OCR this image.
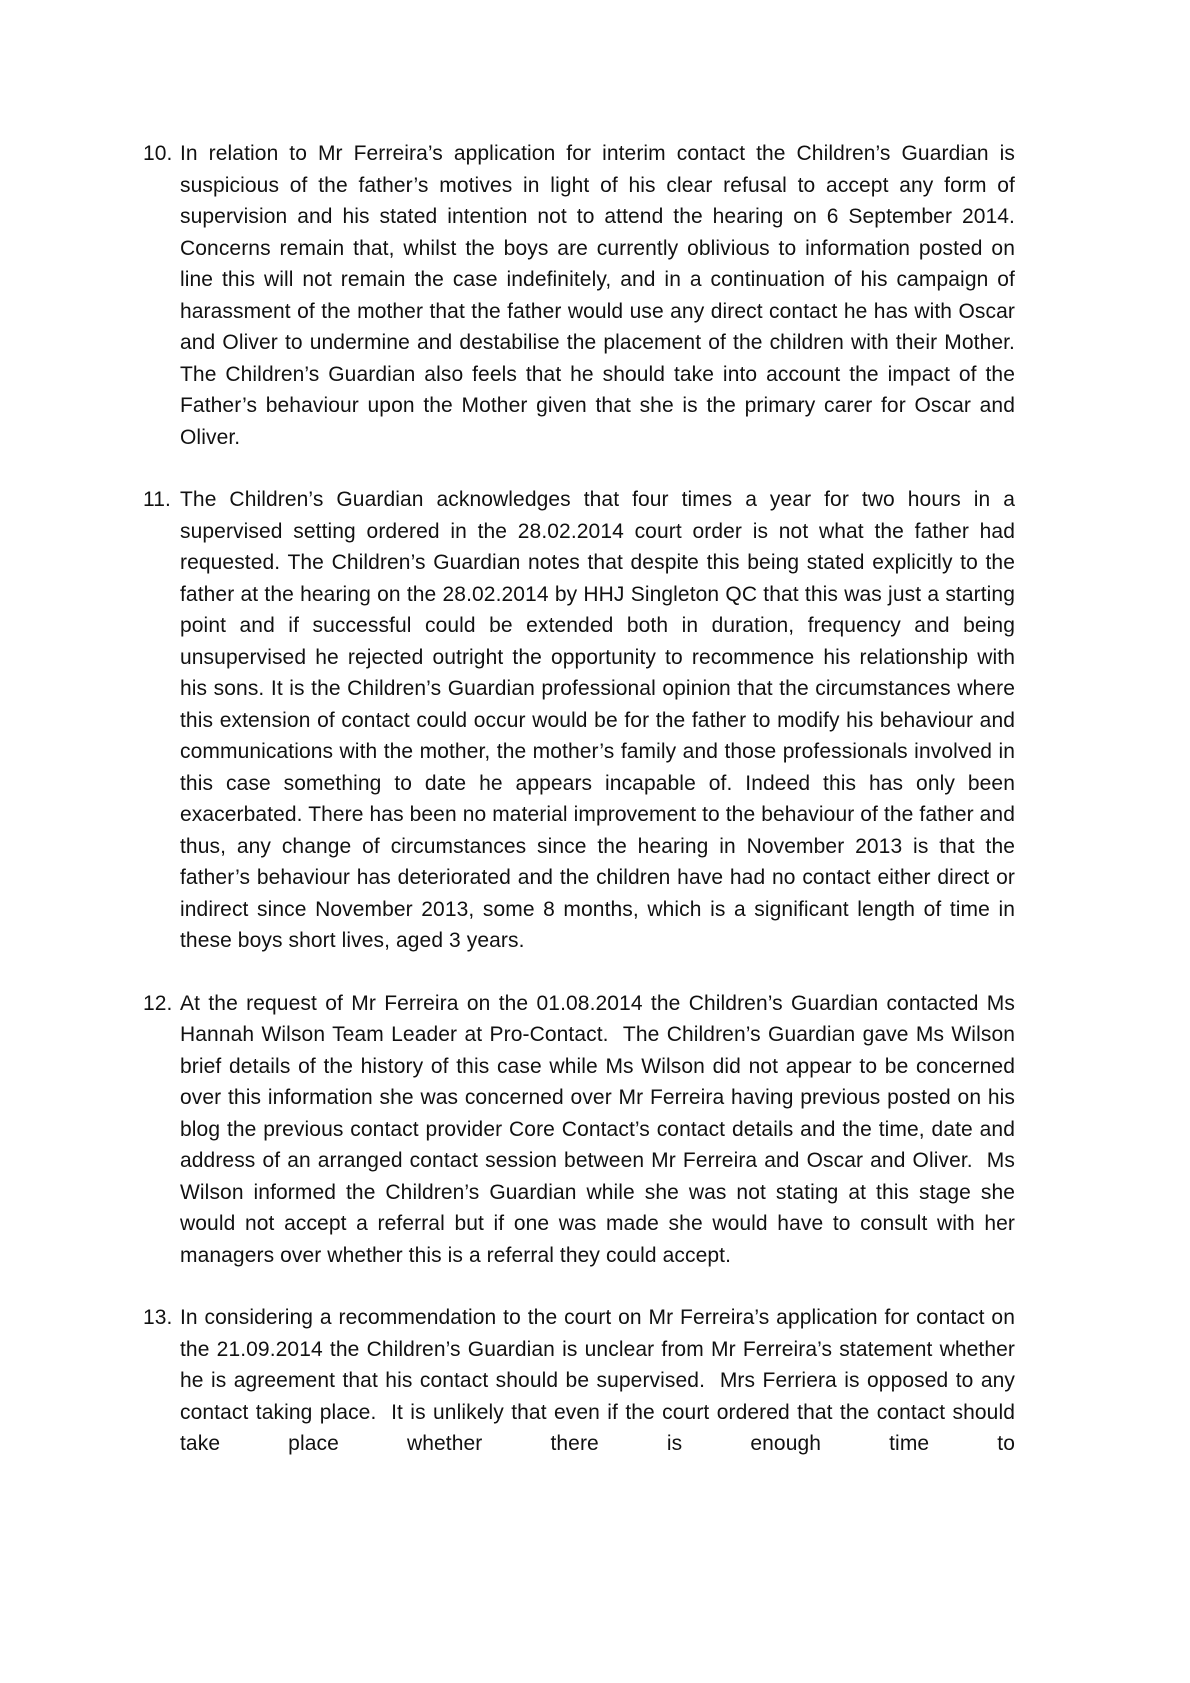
10. In relation to Mr Ferreira’s application for interim contact the Children’s Guardian is suspicious of the father’s motives in light of his clear refusal to accept any form of supervision and his stated intention not to attend the hearing on 6 September 2014. Concerns remain that, whilst the boys are currently oblivious to information posted on line this will not remain the case indefinitely, and in a continuation of his campaign of harassment of the mother that the father would use any direct contact he has with Oscar and Oliver to undermine and destabilise the placement of the children with their Mother.  The Children’s Guardian also feels that he should take into account the impact of the Father’s behaviour upon the Mother given that she is the primary carer for Oscar and Oliver.
11. The Children’s Guardian acknowledges that four times a year for two hours in a supervised setting ordered in the 28.02.2014 court order is not what the father had requested. The Children’s Guardian notes that despite this being stated explicitly to the father at the hearing on the 28.02.2014 by HHJ Singleton QC that this was just a starting point and if successful could be extended both in duration, frequency and being unsupervised he rejected outright the opportunity to recommence his relationship with his sons. It is the Children’s Guardian professional opinion that the circumstances where this extension of contact could occur would be for the father to modify his behaviour and communications with the mother, the mother’s family and those professionals involved in this case something to date he appears incapable of. Indeed this has only been exacerbated. There has been no material improvement to the behaviour of the father and thus, any change of circumstances since the hearing in November 2013 is that the father’s behaviour has deteriorated and the children have had no contact either direct or indirect since November 2013, some 8 months, which is a significant length of time in these boys short lives, aged 3 years.
12. At the request of Mr Ferreira on the 01.08.2014 the Children’s Guardian contacted Ms Hannah Wilson Team Leader at Pro-Contact.  The Children’s Guardian gave Ms Wilson brief details of the history of this case while Ms Wilson did not appear to be concerned over this information she was concerned over Mr Ferreira having previous posted on his blog the previous contact provider Core Contact’s contact details and the time, date and address of an arranged contact session between Mr Ferreira and Oscar and Oliver.  Ms Wilson informed the Children’s Guardian while she was not stating at this stage she would not accept a referral but if one was made she would have to consult with her managers over whether this is a referral they could accept.
13. In considering a recommendation to the court on Mr Ferreira’s application for contact on the 21.09.2014 the Children’s Guardian is unclear from Mr Ferreira’s statement whether he is agreement that his contact should be supervised.  Mrs Ferriera is opposed to any contact taking place.  It is unlikely that even if the court ordered that the contact should take place whether there is enough time to
